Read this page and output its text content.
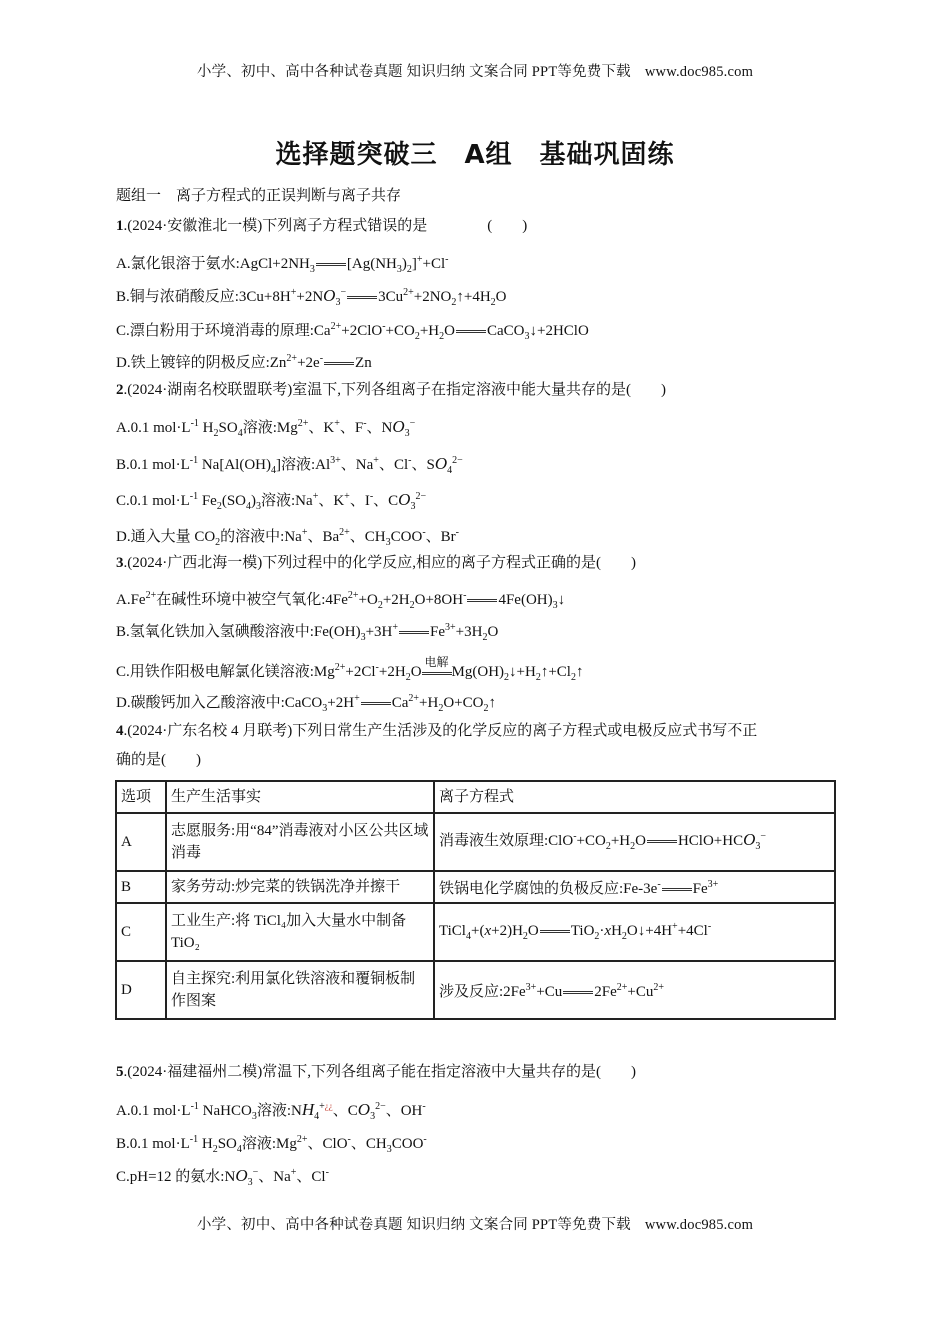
小学、初中、高中各种试卷真题 知识归纳 文案合同 PPT等免费下载 www.doc985.com
选择题突破三　A组　基础巩固练
题组一　离子方程式的正误判断与离子共存
1.(2024·安徽淮北一模)下列离子方程式错误的是	(　　)
A.氯化银溶于氨水$:AgCl+2NH_3$ $[Ag(NH_3)_2]^++Cl^-$
B.铜与浓硝酸反应$:3Cu+8H^++2NO_3^-$ $3Cu^{2+}+2NO_2↑+4H_2O$
C.漂白粉用于环境消毒的原理$:Ca^{2+}+2ClO^-+CO_2+H_2O$ CaCO$_3$↓+2HClO
D.铁上镀锌的阴极反应$:Zn^{2+}+2e^-$ Zn
2.(2024·湖南名校联盟联考)室温下,下列各组离子在指定溶液中能大量共存的是(　　)
A.0.1 $mol\cdot L^{-1}$ $H_2SO_4$溶液$:Mg^{2+}$、K+、F-、$NO_3^-$
B.0.1 $mol\cdot L^{-1}$ $Na[Al(OH)_4]$溶液$:Al^{3+}$、Na+、Cl-、$SO_4^{2-}$
C.0.1 $mol\cdot L^{-1}$ $Fe_2(SO_4)_3$溶液:Na+、K+、I-、$CO_3^{2-}$
D.通入大量 $CO_2$的溶液中:Na+、$Ba^{2+}$、$CH_3COO^-$、Br-
3.(2024·广西北海一模)下列过程中的化学反应,相应的离子方程式正确的是(　　)
$A.Fe^{2+}$在碱性环境中被空气氧化$:4Fe^{2+}+O_2+2H_2O+8OH^-$ $4Fe(OH)_3↓$
B.氢氧化铁加入氢碘酸溶液中$:Fe(OH)_3+3H^+$ $Fe^{3+}+3H_2O$
C.用铁作阳极电解氯化镁溶液$:Mg^{2+}+2Cl^-+2H_2O$
电解
$Mg(OH)_2↓+H_2↑+Cl_2↑$
D.碳酸钙加入乙酸溶液中:CaCO$_3$+2H+ $Ca^{2+}+H_2O+CO_2↑$
4.(2024·广东名校 4 月联考)下列日常生产生活涉及的化学反应的离子方程式或电极反应式书写不正
确的是(　　)
选项	生产生活事实	离子方程式
A	志愿服务:用“84”消毒液对小区公共区域消毒	消毒液生效原理$:ClO^-+CO_2+H_2O$ $HClO+HCO_3^-$
B	家务劳动:炒完菜的铁锅洗净并擦干	铁锅电化学腐蚀的负极反应:Fe-3e- $Fe^{3+}$
C	工业生产:将 TiCl₄加入大量水中制备 TiO₂	$TiCl_4+(x+2)H_2O$ $TiO_2\cdot xH_2O↓+4H^++4Cl^-$
D	自主探究:利用氯化铁溶液和覆铜板制作图案	涉及反应$:2Fe^{3+}+Cu$ $2Fe^{2+}+Cu^{2+}$
5.(2024·福建福州二模)常温下,下列各组离子能在指定溶液中大量共存的是(　　)
A.0.1 $mol\cdot L^{-1}$ NaHCO$_3$溶液$:NH_4^{+¿¿}$、$CO_3^{2-}$、OH-
B.0.1 $mol\cdot L^{-1}$ $H_2SO_4$溶液$:Mg^{2+}$、ClO-、$CH_3COO^-$
C.pH=12 的氨水$:NO_3^-$、Na+、Cl-
小学、初中、高中各种试卷真题 知识归纳 文案合同 PPT等免费下载 www.doc985.com
